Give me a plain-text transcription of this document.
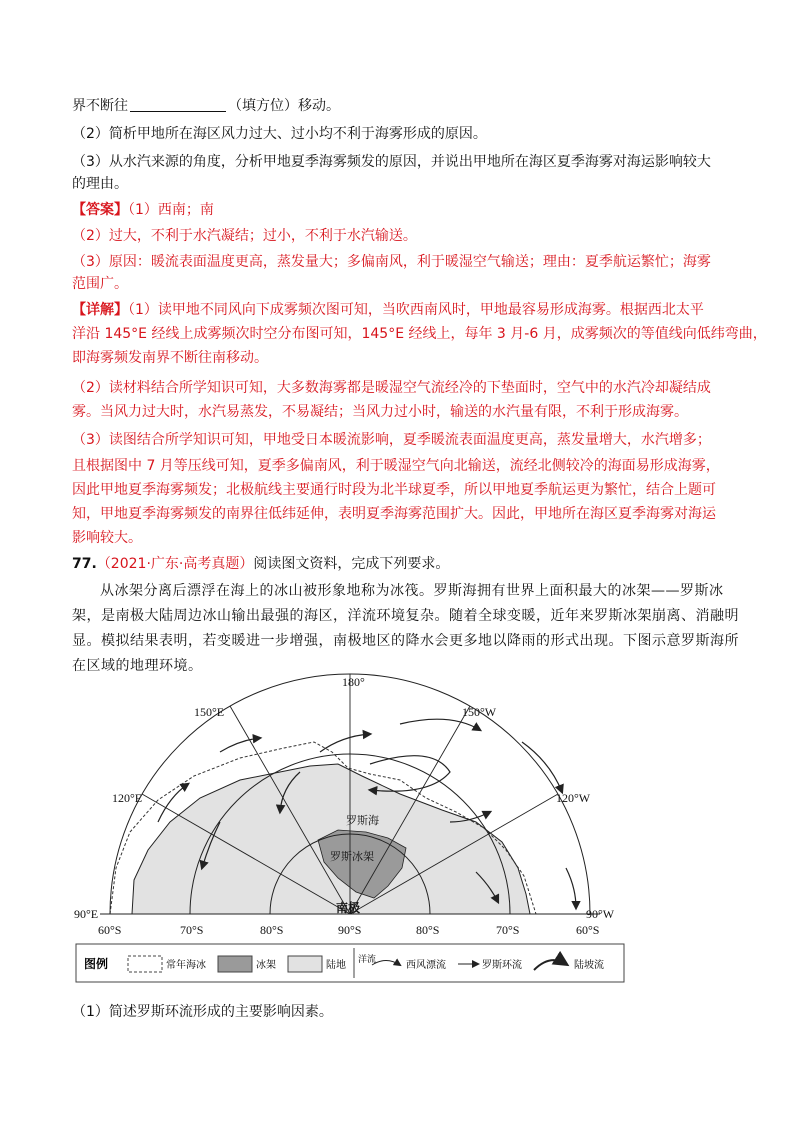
界不断往	（填方位）移动。
（2）简析甲地所在海区风力过大、过小均不利于海雾形成的原因。
（3）从水汽来源的角度，分析甲地夏季海雾频发的原因，并说出甲地所在海区夏季海雾对海运影响较大
的理由。
【答案】（1）西南；南
（2）过大，不利于水汽凝结；过小，不利于水汽输送。
（3）原因：暖流表面温度更高，蒸发量大；多偏南风，利于暖湿空气输送；理由：夏季航运繁忙；海雾
范围广。
【详解】（1）读甲地不同风向下成雾频次图可知，当吹西南风时，甲地最容易形成海雾。根据西北太平
洋沿 145°E 经线上成雾频次时空分布图可知，145°E 经线上，每年 3 月-6 月，成雾频次的等值线向低纬弯曲，
即海雾频发南界不断往南移动。
（2）读材料结合所学知识可知，大多数海雾都是暖湿空气流经冷的下垫面时，空气中的水汽冷却凝结成
雾。当风力过大时，水汽易蒸发，不易凝结；当风力过小时，输送的水汽量有限，不利于形成海雾。
（3）读图结合所学知识可知，甲地受日本暖流影响，夏季暖流表面温度更高，蒸发量增大，水汽增多；
且根据图中 7 月等压线可知，夏季多偏南风，利于暖湿空气向北输送，流经北侧较冷的海面易形成海雾，
因此甲地夏季海雾频发；北极航线主要通行时段为北半球夏季，所以甲地夏季航运更为繁忙，结合上题可
知，甲地夏季海雾频发的南界往低纬延伸，表明夏季海雾范围扩大。因此，甲地所在海区夏季海雾对海运
影响较大。
77.（2021·广东·高考真题）阅读图文资料，完成下列要求。

从冰架分离后漂浮在海上的冰山被形象地称为冰筏。罗斯海拥有世界上面积最大的冰架——罗斯冰

架，是南极大陆周边冰山输出最强的海区，洋流环境复杂。随着全球变暖，近年来罗斯冰架崩离、消融明

显。模拟结果表明，若变暖进一步增强，南极地区的降水会更多地以降雨的形式出现。下图示意罗斯海所

在区域的地理环境。

180°
150°E	150°W
120°E	120°W
90°E	90°W
60°S	70°S	80°S	90°S	80°S	70°S	60°S
罗斯海
罗斯冰架
南极
图例	常年海冰	冰架	陆地
洋流
西风漂流	罗斯环流	陆坡流
（1）简述罗斯环流形成的主要影响因素。
